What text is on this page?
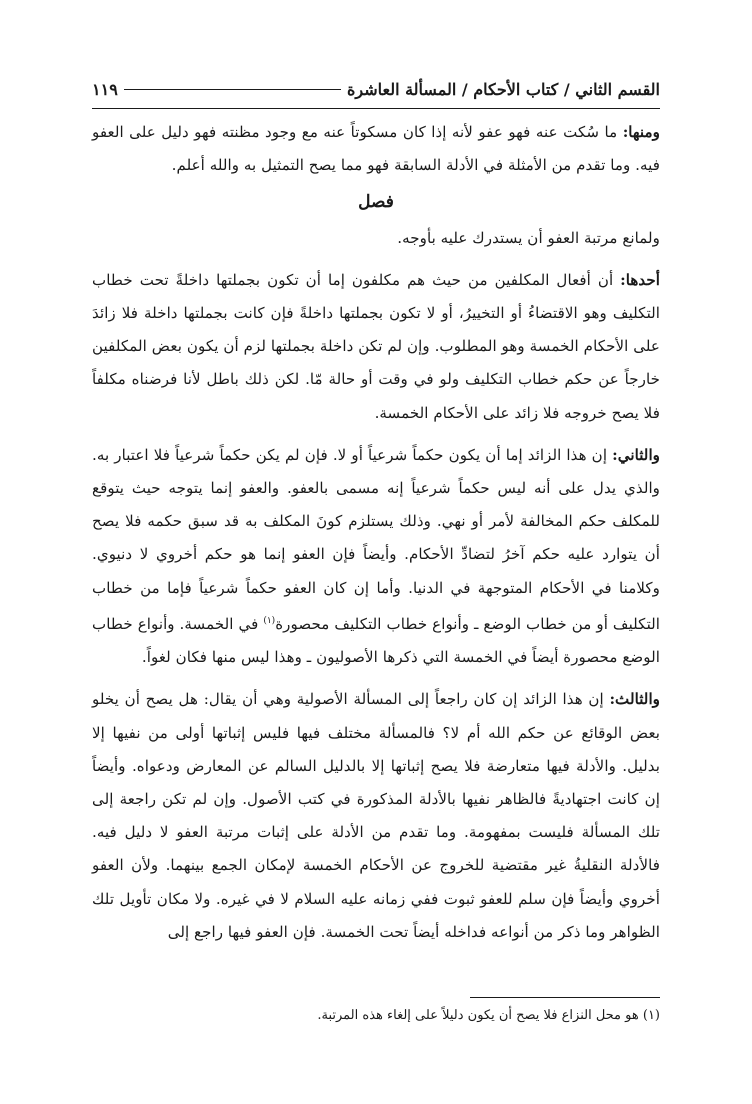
القسم الثاني / كتاب الأحكام / المسألة العاشرة
١١٩

ومنها: ما سُكت عنه فهو عفو لأنه إذا كان مسكوتاً عنه مع وجود مظنته فهو دليل على العفو فيه. وما تقدم من الأمثلة في الأدلة السابقة فهو مما يصح التمثيل به والله أعلم.

فصل

ولمانع مرتبة العفو أن يستدرك عليه بأوجه.

أحدها: أن أفعال المكلفين من حيث هم مكلفون إما أن تكون بجملتها داخلةً تحت خطاب التكليف وهو الاقتضاءُ أو التخييرُ، أو لا تكون بجملتها داخلةً فإن كانت بجملتها داخلة فلا زائدَ على الأحكام الخمسة وهو المطلوب. وإن لم تكن داخلة بجملتها لزم أن يكون بعض المكلفين خارجاً عن حكم خطاب التكليف ولو في وقت أو حالة مّا. لكن ذلك باطل لأنا فرضناه مكلفاً فلا يصح خروجه فلا زائد على الأحكام الخمسة.

والثاني: إن هذا الزائد إما أن يكون حكماً شرعياً أو لا. فإن لم يكن حكماً شرعياً فلا اعتبار به. والذي يدل على أنه ليس حكماً شرعياً إنه مسمى بالعفو. والعفو إنما يتوجه حيث يتوقع للمكلف حكم المخالفة لأمر أو نهي. وذلك يستلزم كونَ المكلف به قد سبق حكمه فلا يصح أن يتوارد عليه حكم آخرُ لتضادِّ الأحكام. وأيضاً فإن العفو إنما هو حكم أخروي لا دنيوي. وكلامنا في الأحكام المتوجهة في الدنيا. وأما إن كان العفو حكماً شرعياً فإما من خطاب التكليف أو من خطاب الوضع ـ وأنواع خطاب التكليف محصورة$^{(١)}$ في الخمسة. وأنواع خطاب الوضع محصورة أيضاً في الخمسة التي ذكرها الأصوليون ـ وهذا ليس منها فكان لغواً.

والثالث: إن هذا الزائد إن كان راجعاً إلى المسألة الأصولية وهي أن يقال: هل يصح أن يخلو بعض الوقائع عن حكم الله أم لا؟ فالمسألة مختلف فيها فليس إثباتها أولى من نفيها إلا بدليل. والأدلة فيها متعارضة فلا يصح إثباتها إلا بالدليل السالم عن المعارض ودعواه. وأيضاً إن كانت اجتهاديةً فالظاهر نفيها بالأدلة المذكورة في كتب الأصول. وإن لم تكن راجعة إلى تلك المسألة فليست بمفهومة. وما تقدم من الأدلة على إثبات مرتبة العفو لا دليل فيه. فالأدلة النقليةُ غير مقتضية للخروج عن الأحكام الخمسة لإمكان الجمع بينهما. ولأن العفو أخروي وأيضاً فإن سلم للعفو ثبوت ففي زمانه عليه السلام لا في غيره. ولا مكان تأويل تلك الظواهر وما ذكر من أنواعه فداخله أيضاً تحت الخمسة. فإن العفو فيها راجع إلى

(١) هو محل النزاع فلا يصح أن يكون دليلاً على إلغاء هذه المرتبة.
